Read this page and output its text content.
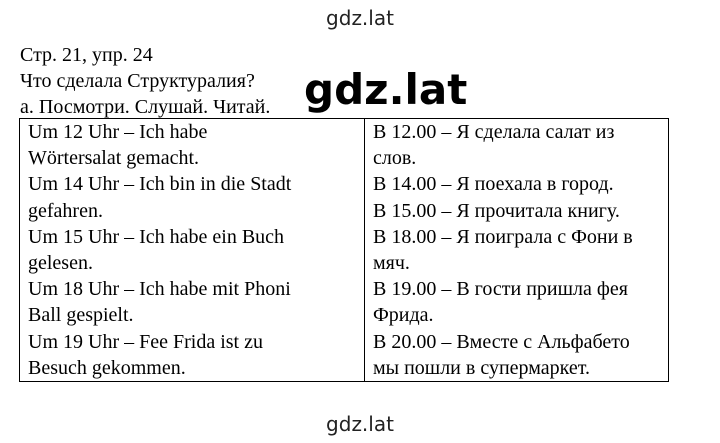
gdz.lat
Стр. 21, упр. 24
Что сделала Структуралия?
а. Посмотри. Слушай. Читай. gdz.lat
Um 12 Uhr – Ich habe
Wörtersalat gemacht.
Um 14 Uhr – Ich bin in die Stadt
gefahren.
Um 15 Uhr – Ich habe ein Buch
gelesen.
Um 18 Uhr – Ich habe mit Phoni
Ball gespielt.
Um 19 Uhr – Fee Frida ist zu
Besuch gekommen.

В 12.00 – Я сделала салат из
слов.
В 14.00 – Я поехала в город.
В 15.00 – Я прочитала книгу.
В 18.00 – Я поиграла с Фони в
мяч.
В 19.00 – В гости пришла фея
Фрида.
В 20.00 – Вместе с Альфабето
мы пошли в супермаркет.
gdz.lat
